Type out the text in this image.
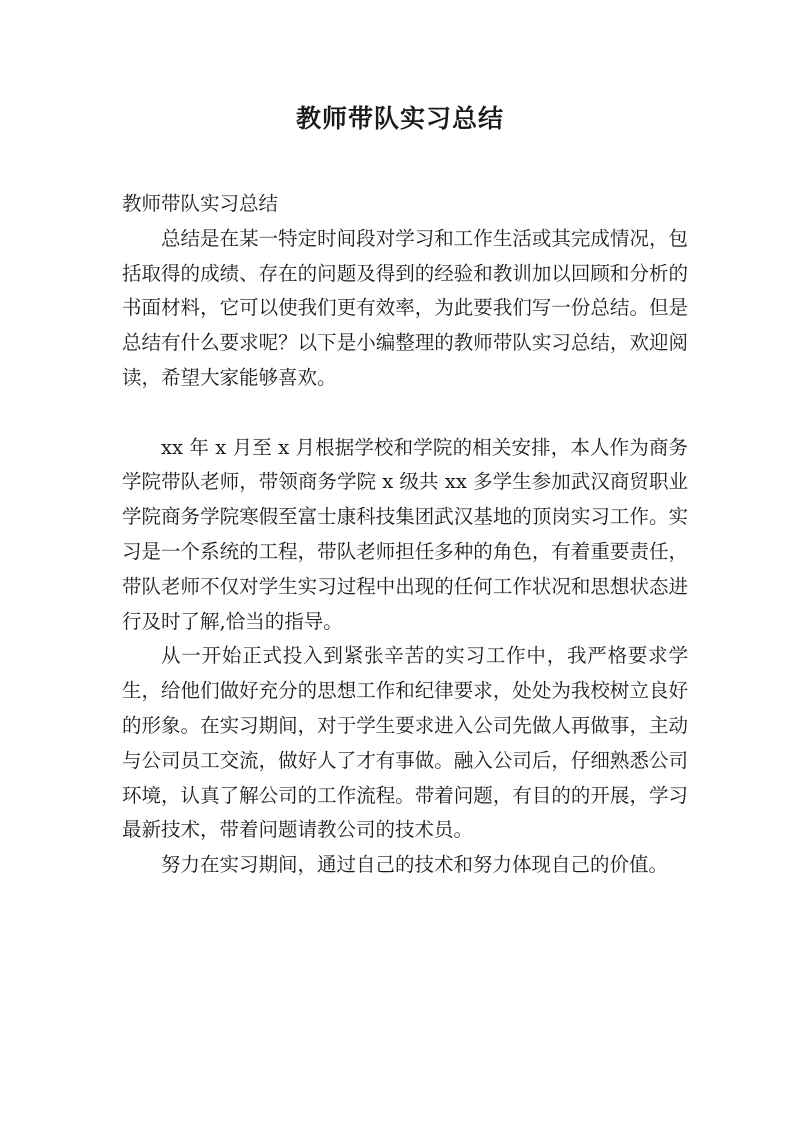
教师带队实习总结

教师带队实习总结

总结是在某一特定时间段对学习和工作生活或其完成情况，包括取得的成绩、存在的问题及得到的经验和教训加以回顾和分析的书面材料，它可以使我们更有效率，为此要我们写一份总结。但是总结有什么要求呢？以下是小编整理的教师带队实习总结，欢迎阅读，希望大家能够喜欢。

xx 年 x 月至 x 月根据学校和学院的相关安排，本人作为商务学院带队老师，带领商务学院 x 级共 xx 多学生参加武汉商贸职业学院商务学院寒假至富士康科技集团武汉基地的顶岗实习工作。实习是一个系统的工程，带队老师担任多种的角色，有着重要责任，带队老师不仅对学生实习过程中出现的任何工作状况和思想状态进行及时了解,恰当的指导。

从一开始正式投入到紧张辛苦的实习工作中，我严格要求学生，给他们做好充分的思想工作和纪律要求，处处为我校树立良好的形象。在实习期间，对于学生要求进入公司先做人再做事，主动与公司员工交流，做好人了才有事做。融入公司后，仔细熟悉公司环境，认真了解公司的工作流程。带着问题，有目的的开展，学习最新技术，带着问题请教公司的技术员。

努力在实习期间，通过自己的技术和努力体现自己的价值。
